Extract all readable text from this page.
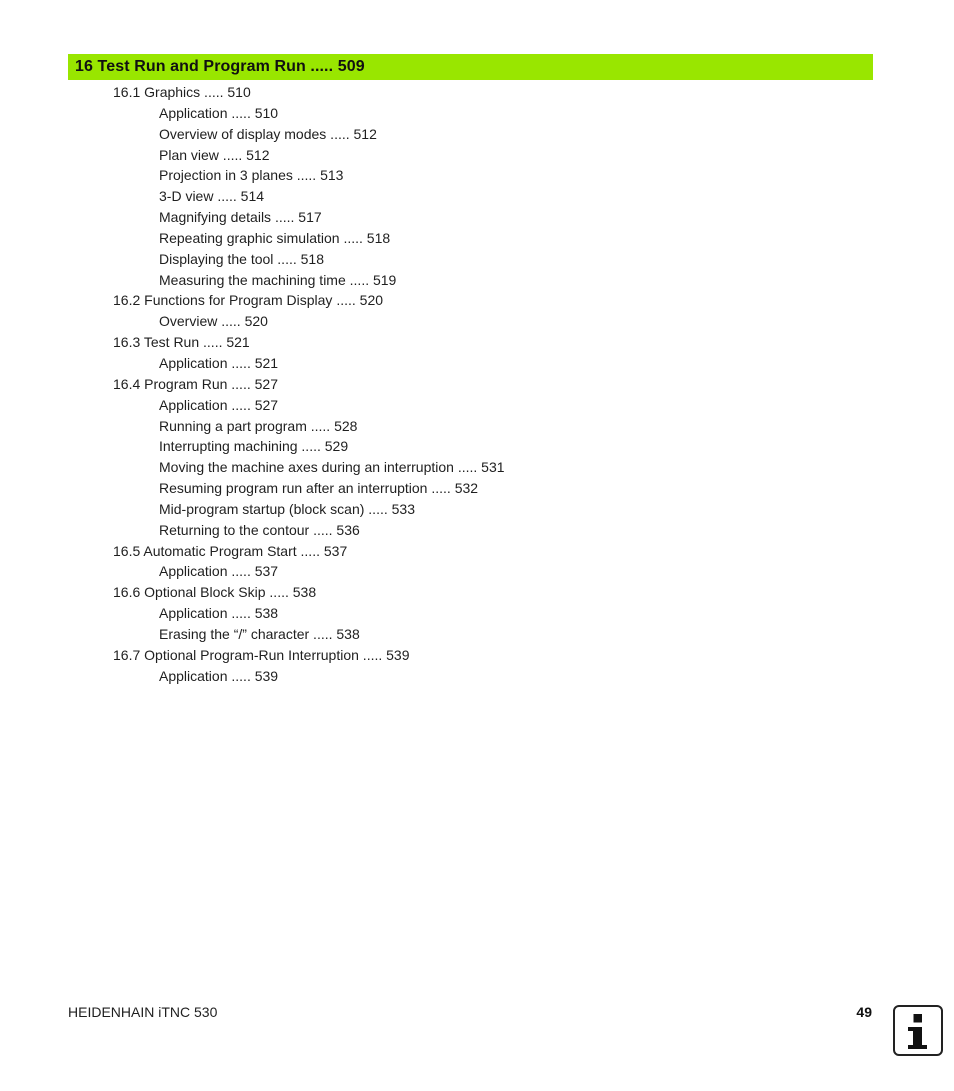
16 Test Run and Program Run ..... 509
16.1 Graphics ..... 510
Application ..... 510
Overview of display modes ..... 512
Plan view ..... 512
Projection in 3 planes ..... 513
3-D view ..... 514
Magnifying details ..... 517
Repeating graphic simulation ..... 518
Displaying the tool ..... 518
Measuring the machining time ..... 519
16.2 Functions for Program Display ..... 520
Overview ..... 520
16.3 Test Run ..... 521
Application ..... 521
16.4 Program Run ..... 527
Application ..... 527
Running a part program ..... 528
Interrupting machining ..... 529
Moving the machine axes during an interruption ..... 531
Resuming program run after an interruption ..... 532
Mid-program startup (block scan) ..... 533
Returning to the contour ..... 536
16.5 Automatic Program Start ..... 537
Application ..... 537
16.6 Optional Block Skip ..... 538
Application ..... 538
Erasing the “/” character ..... 538
16.7 Optional Program-Run Interruption ..... 539
Application ..... 539
HEIDENHAIN iTNC 530	49
